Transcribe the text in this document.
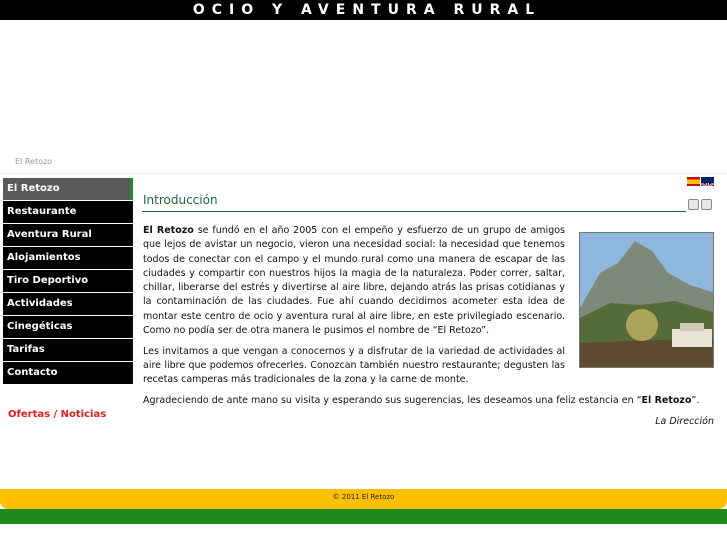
OCIO Y AVENTURA RURAL
El Retozo
El Retozo
Restaurante
Aventura Rural
Alojamientos
Tiro Deportivo
Actividades
Cinegéticas
Tarifas
Contacto
Ofertas / Noticias
Introducción

El Retozo se fundó en el año 2005 con el empeño y esfuerzo de un grupo de amigos que lejos de avistar un negocio, vieron una necesidad social: la necesidad que tenemos todos de conectar con el campo y el mundo rural como una manera de escapar de las ciudades y compartir con nuestros hijos la magia de la naturaleza. Poder correr, saltar, chillar, liberarse del estrés y divertirse al aire libre, dejando atrás las prisas cotidianas y la contaminación de las ciudades. Fue ahí cuando decidimos acometer esta idea de montar este centro de ocio y aventura rural al aire libre, en este privilegiado escenario. Como no podía ser de otra manera le pusimos el nombre de “El Retozo”.

Les invitamos a que vengan a conocernos y a disfrutar de la variedad de actividades al aire libre que podemos ofrecerles. Conozcan también nuestro restaurante; degusten las recetas camperas más tradicionales de la zona y la carne de monte.

Agradeciendo de ante mano su visita y esperando sus sugerencias, les deseamos una feliz estancia en “El Retozo”.

La Dirección
© 2011 El Retozo
